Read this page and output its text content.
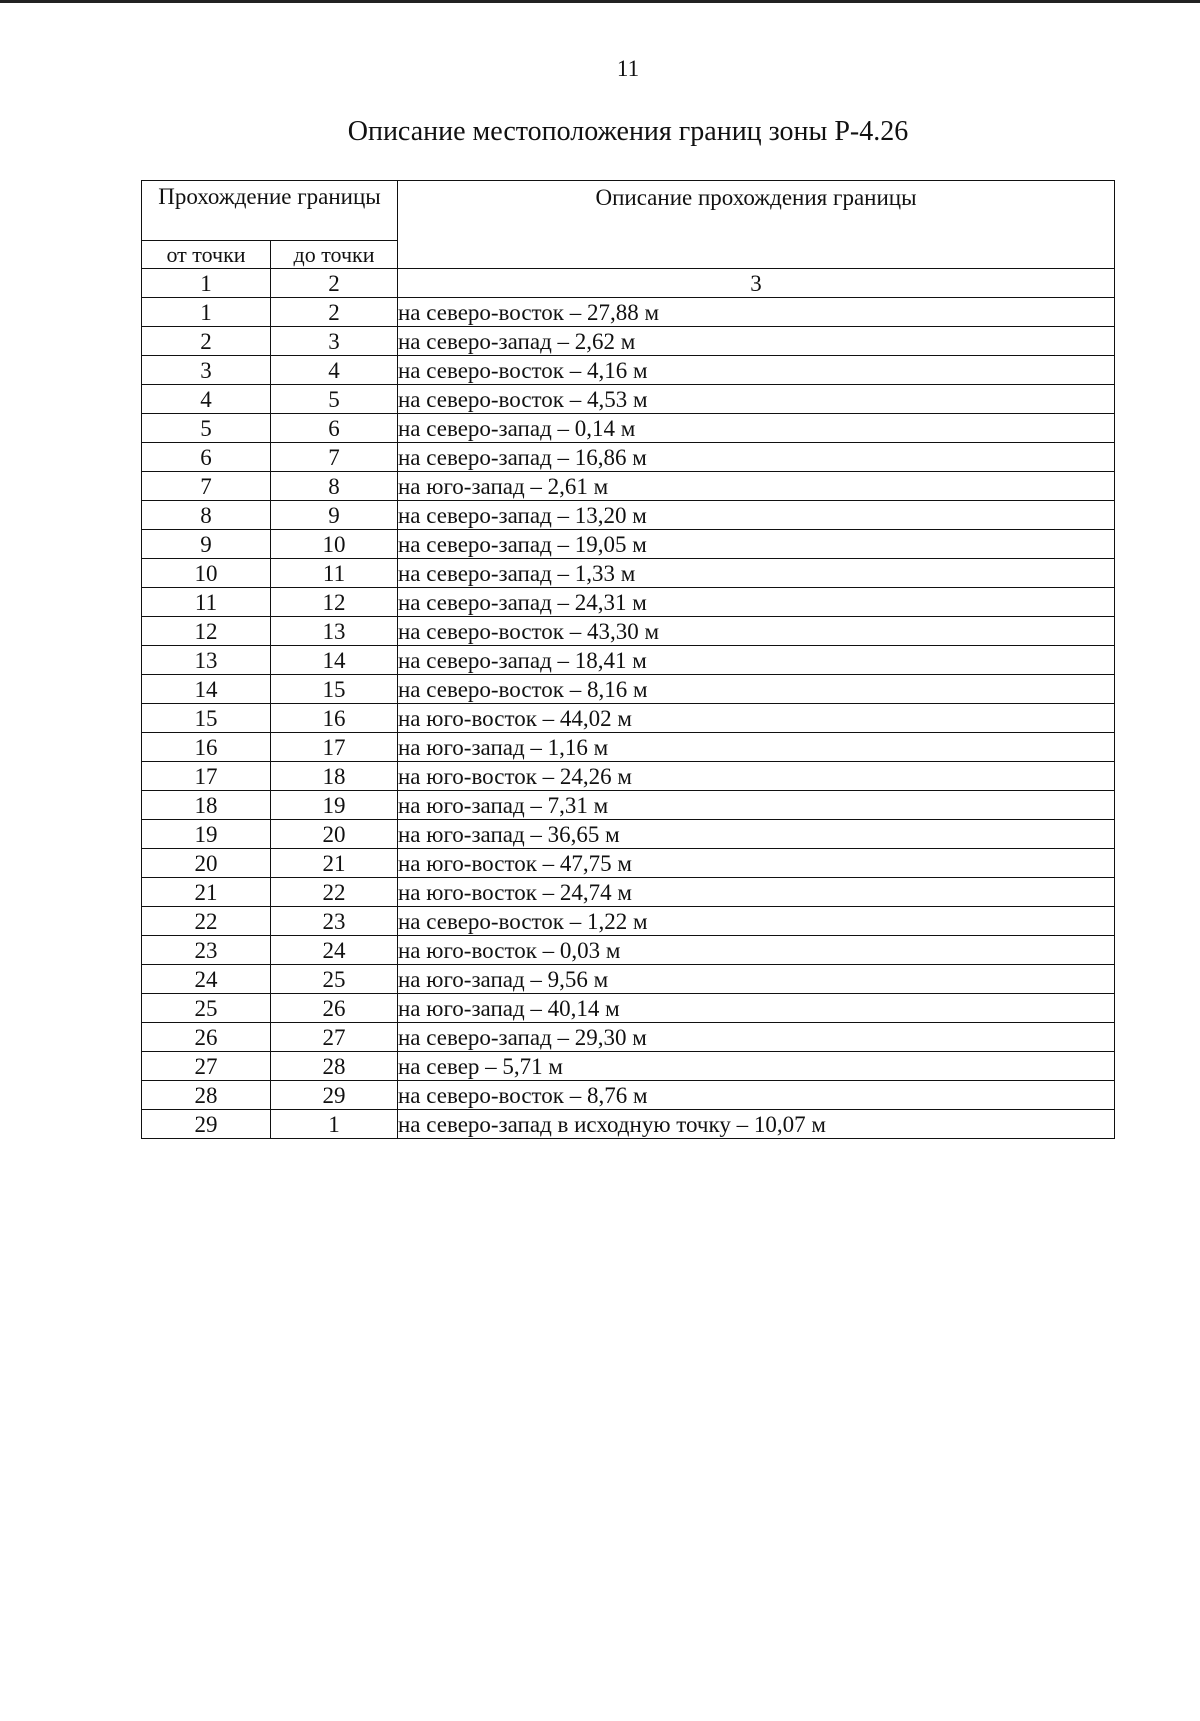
11
Описание местоположения границ зоны Р-4.26
Прохождение границы		Описание прохождения границы
от точки	до точки	
1	2	3
1	2	на северо-восток – 27,88 м
2	3	на северо-запад – 2,62 м
3	4	на северо-восток – 4,16 м
4	5	на северо-восток – 4,53 м
5	6	на северо-запад – 0,14 м
6	7	на северо-запад – 16,86 м
7	8	на юго-запад – 2,61 м
8	9	на северо-запад – 13,20 м
9	10	на северо-запад – 19,05 м
10	11	на северо-запад – 1,33 м
11	12	на северо-запад – 24,31 м
12	13	на северо-восток – 43,30 м
13	14	на северо-запад – 18,41 м
14	15	на северо-восток – 8,16 м
15	16	на юго-восток – 44,02 м
16	17	на юго-запад – 1,16 м
17	18	на юго-восток – 24,26 м
18	19	на юго-запад – 7,31 м
19	20	на юго-запад – 36,65 м
20	21	на юго-восток – 47,75 м
21	22	на юго-восток – 24,74 м
22	23	на северо-восток – 1,22 м
23	24	на юго-восток – 0,03 м
24	25	на юго-запад – 9,56 м
25	26	на юго-запад – 40,14 м
26	27	на северо-запад – 29,30 м
27	28	на север – 5,71 м
28	29	на северо-восток – 8,76 м
29	1	на северо-запад в исходную точку – 10,07 м
